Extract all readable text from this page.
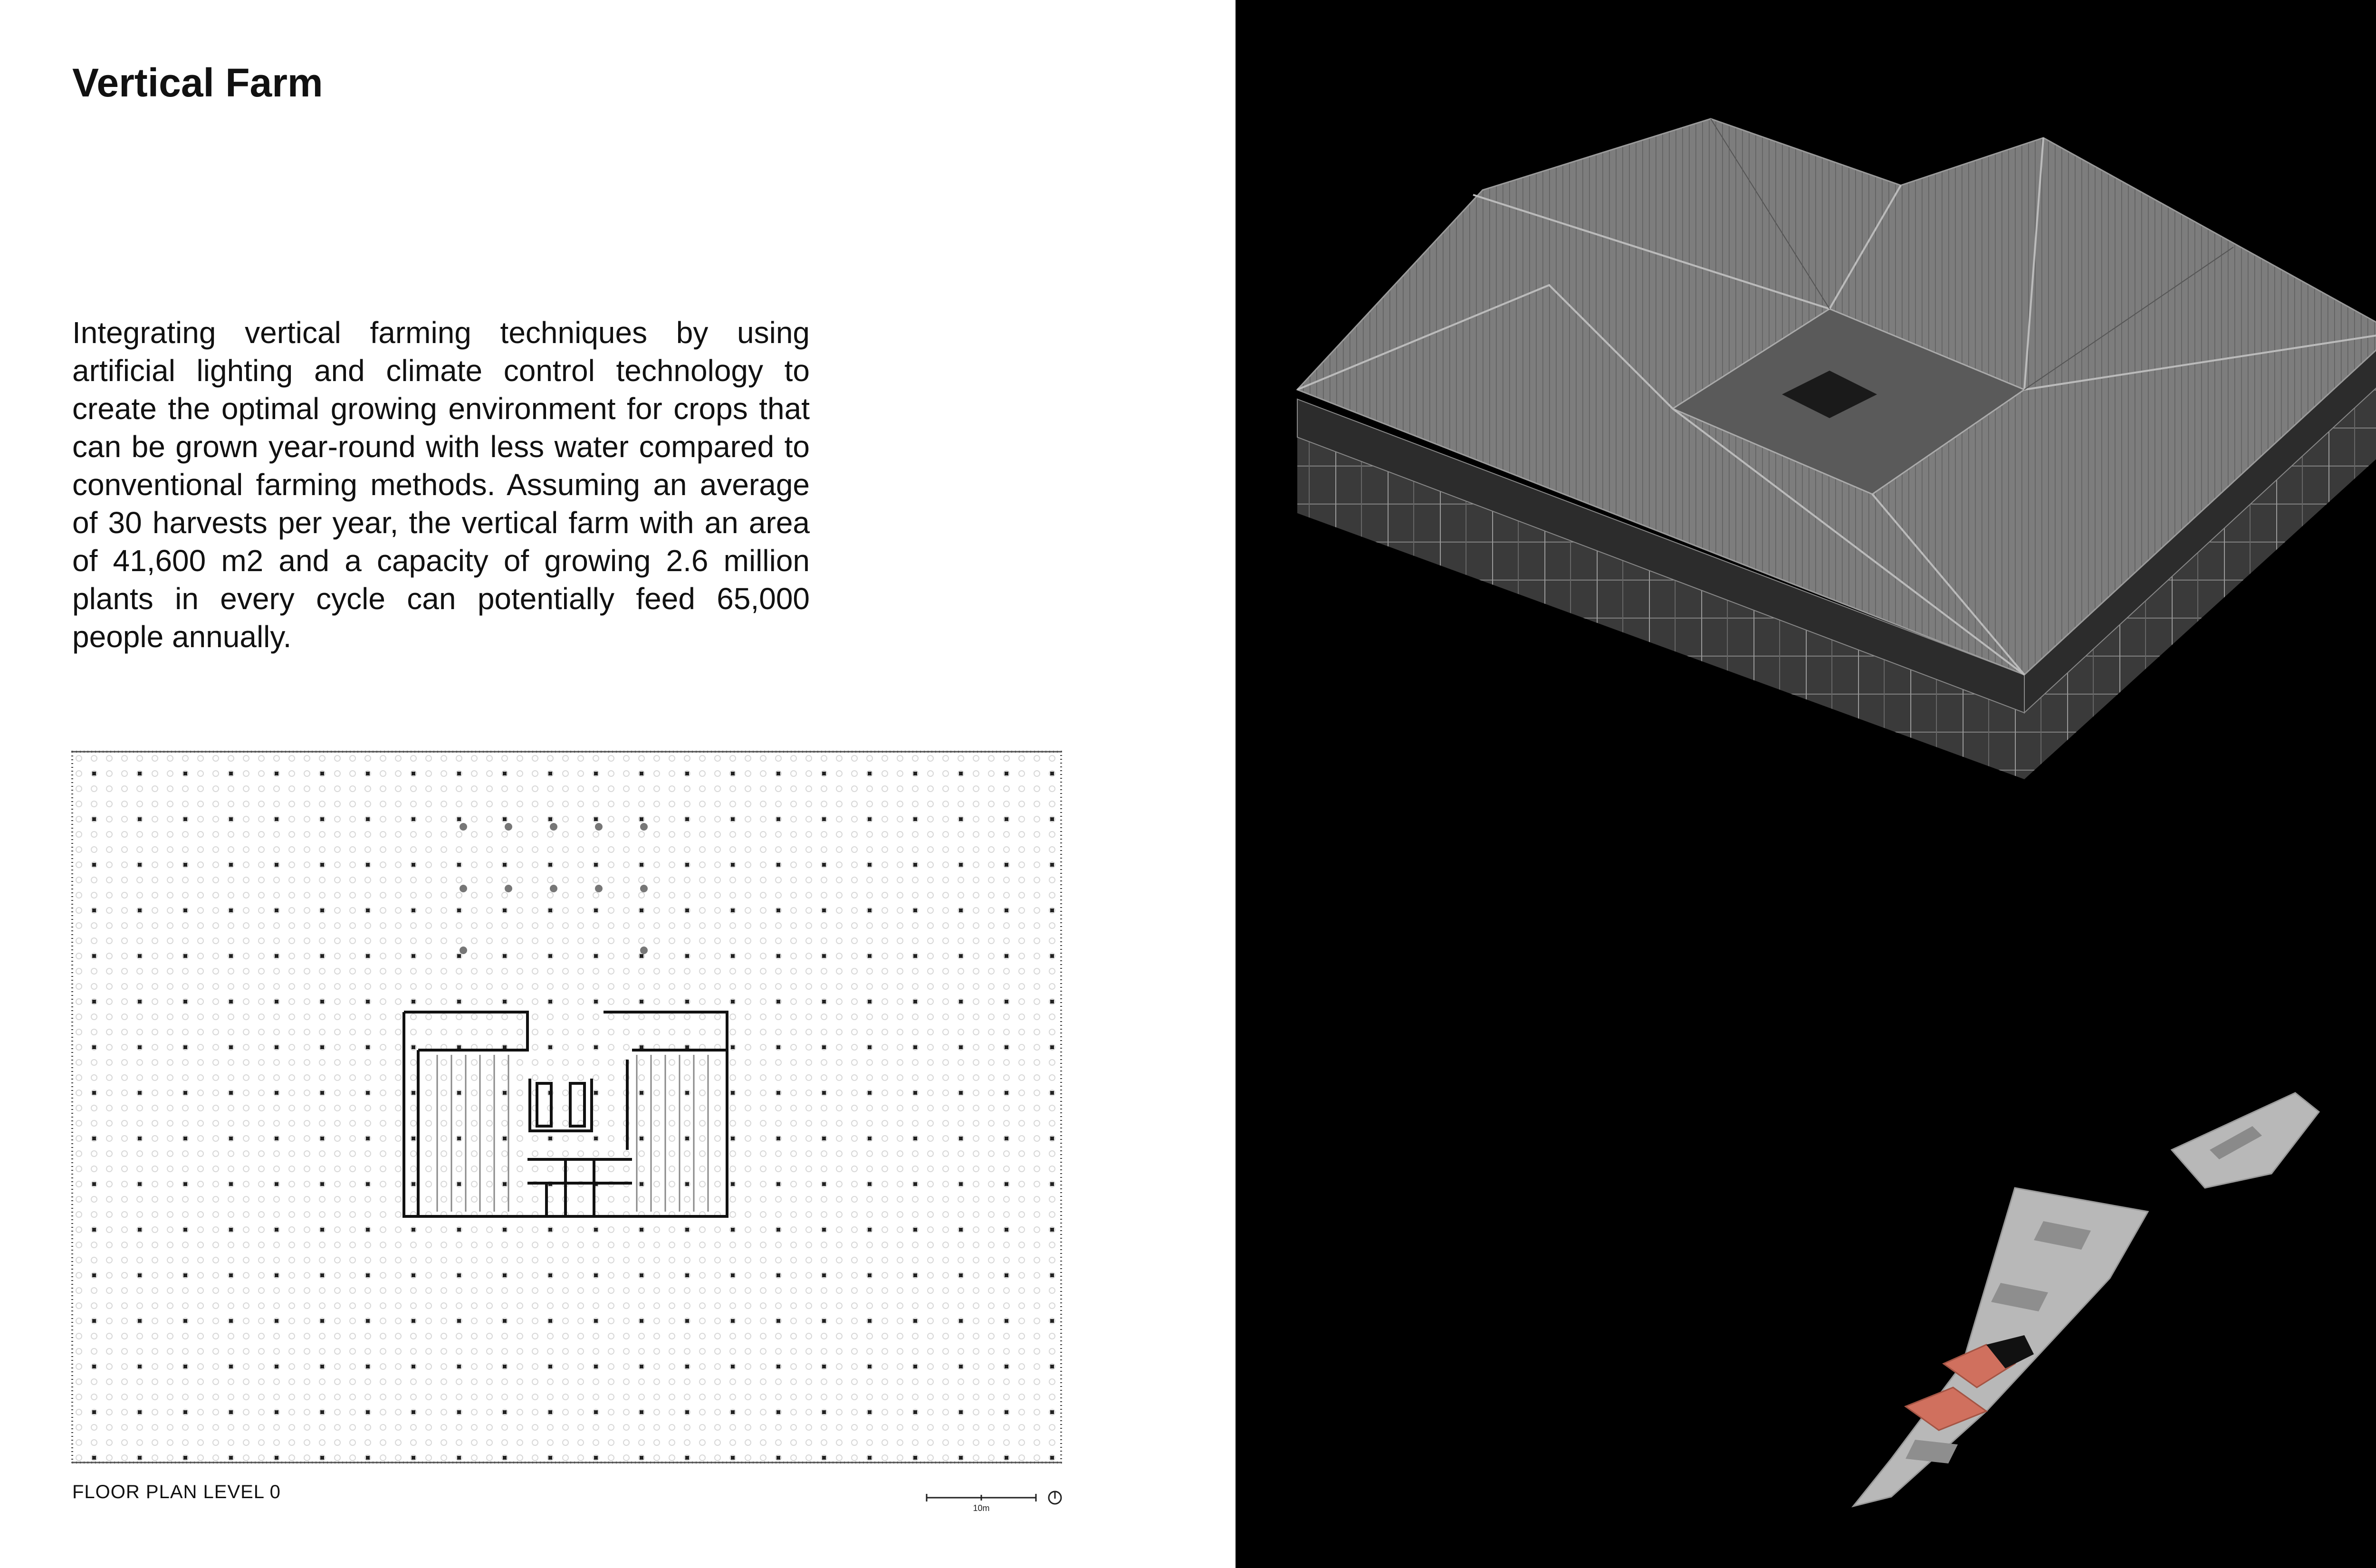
Vertical Farm

Integrating vertical farming techniques by using artificial lighting and climate control technology to create the optimal growing environment for crops that can be grown year-round with less water compared to conventional farming methods. Assuming an average of 30 harvests per year, the vertical farm with an area of 41,600 m2 and a capacity of growing 2.6 million plants in every cycle can potentially feed 65,000 people annually.

FLOOR PLAN LEVEL 0
10m
